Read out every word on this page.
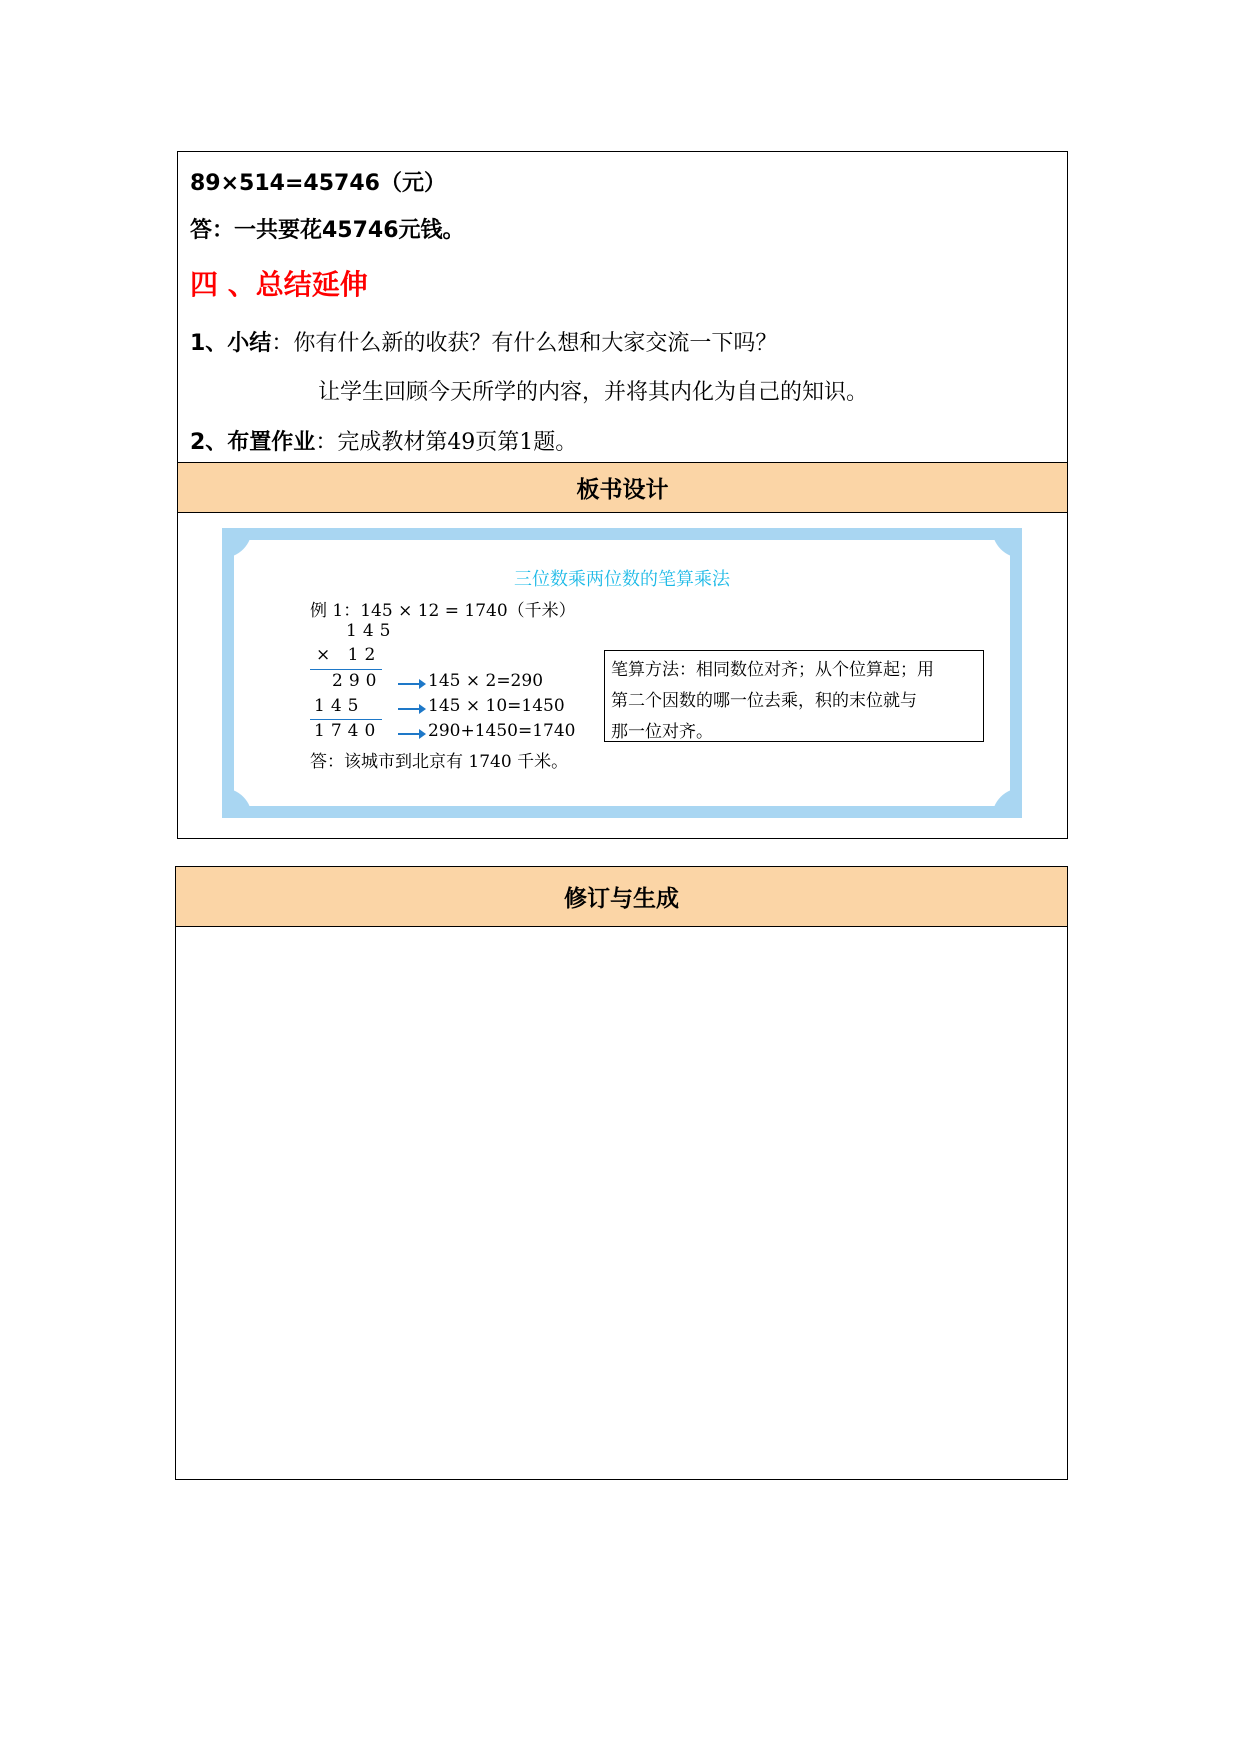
89×514=45746（元）
答：一共要花45746元钱。
四 、总结延伸
1、小结：你有什么新的收获？有什么想和大家交流一下吗？
让学生回顾今天所学的内容，并将其内化为自己的知识。
2、布置作业：完成教材第49页第1题。
板书设计
三位数乘两位数的笔算乘法
例 1：145 × 12 = 1740（千米）
145
× 12
290
145
1740
145 × 2=290
145 × 10=1450
290+1450=1740
答：该城市到北京有 1740 千米。
笔算方法：相同数位对齐；从个位算起；用
第二个因数的哪一位去乘，积的末位就与
那一位对齐。
修订与生成
